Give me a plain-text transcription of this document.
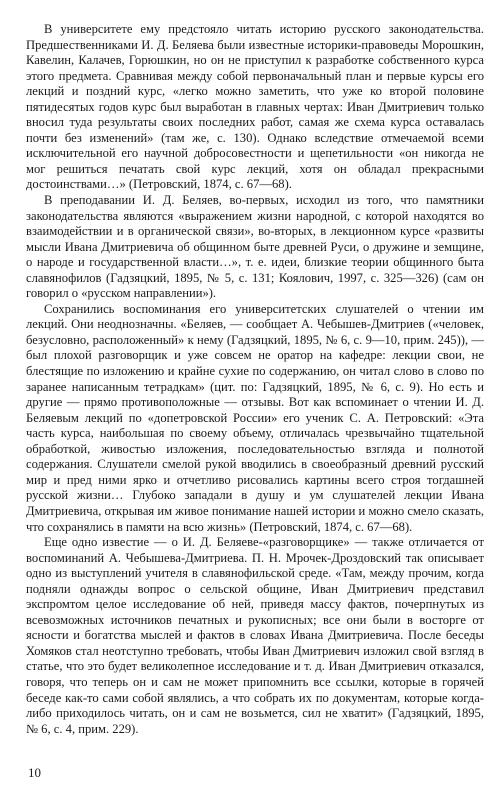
В университете ему предстояло читать историю русского законодательства. Предшественниками И. Д. Беляева были известные историки-правоведы Морошкин, Кавелин, Калачев, Горюшкин, но он не приступил к разработке собственного курса этого предмета. Сравнивая между собой первоначальный план и первые курсы его лекций и поздний курс, «легко можно заметить, что уже ко второй половине пятидесятых годов курс был выработан в главных чертах: Иван Дмитриевич только вносил туда результаты своих последних работ, самая же схема курса оставалась почти без изменений» (там же, с. 130). Однако вследствие отмечаемой всеми исключительной его научной добросовестности и щепетильности «он никогда не мог решиться печатать свой курс лекций, хотя он обладал прекрасными достоинствами…» (Петровский, 1874, с. 67—68).

В преподавании И. Д. Беляев, во-первых, исходил из того, что памятники законодательства являются «выражением жизни народной, с которой находятся во взаимодействии и в органической связи», во-вторых, в лекционном курсе «развиты мысли Ивана Дмитриевича об общинном быте древней Руси, о дружине и земщине, о народе и государственной власти…», т. е. идеи, близкие теории общинного быта славянофилов (Гадзяцкий, 1895, № 5, с. 131; Коялович, 1997, с. 325—326) (сам он говорил о «русском направлении»).

Сохранились воспоминания его университетских слушателей о чтении им лекций. Они неоднозначны. «Беляев, — сообщает А. Чебышев-Дмитриев («человек, безусловно, расположенный» к нему (Гадзяцкий, 1895, № 6, с. 9—10, прим. 245)), — был плохой разговорщик и уже совсем не оратор на кафедре: лекции свои, не блестящие по изложению и крайне сухие по содержанию, он читал слово в слово по заранее написанным тетрадкам» (цит. по: Гадзяцкий, 1895, № 6, с. 9). Но есть и другие — прямо противоположные — отзывы. Вот как вспоминает о чтении И. Д. Беляевым лекций по «допетровской России» его ученик С. А. Петровский: «Эта часть курса, наибольшая по своему объему, отличалась чрезвычайно тщательной обработкой, живостью изложения, последовательностью взгляда и полнотой содержания. Слушатели смелой рукой вводились в своеобразный древний русский мир и пред ними ярко и отчетливо рисовались картины всего строя тогдашней русской жизни… Глубоко западали в душу и ум слушателей лекции Ивана Дмитриевича, открывая им живое понимание нашей истории и можно смело сказать, что сохранялись в памяти на всю жизнь» (Петровский, 1874, с. 67—68).

Еще одно известие — о И. Д. Беляеве-«разговорщике» — также отличается от воспоминаний А. Чебышева-Дмитриева. П. Н. Мрочек-Дроздовский так описывает одно из выступлений учителя в славянофильской среде. «Там, между прочим, когда подняли однажды вопрос о сельской общине, Иван Дмитриевич представил экспромтом целое исследование об ней, приведя массу фактов, почерпнутых из всевозможных источников печатных и рукописных; все они были в восторге от ясности и богатства мыслей и фактов в словах Ивана Дмитриевича. После беседы Хомяков стал неотступно требовать, чтобы Иван Дмитриевич изложил свой взгляд в статье, что это будет великолепное исследование и т. д. Иван Дмитриевич отказался, говоря, что теперь он и сам не может припомнить все ссылки, которые в горячей беседе как-то сами собой являлись, а что собрать их по документам, которые когда-либо приходилось читать, он и сам не возьмется, сил не хватит» (Гадзяцкий, 1895, № 6, с. 4, прим. 229).

10
